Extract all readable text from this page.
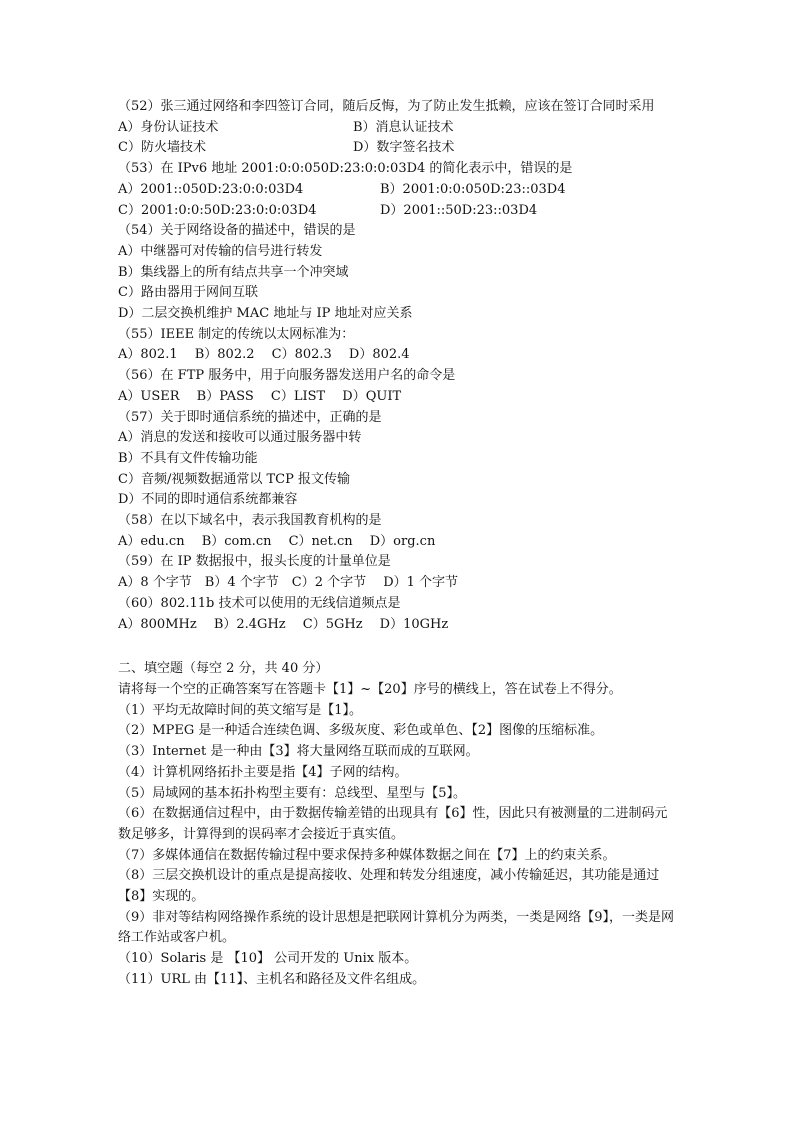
（52）张三通过网络和李四签订合同，随后反悔，为了防止发生抵赖，应该在签订合同时采用
A）身份认证技术	B）消息认证技术
C）防火墙技术	D）数字签名技术
（53）在 IPv6 地址 2001:0:0:050D:23:0:0:03D4 的简化表示中，错误的是
A）2001::050D:23:0:0:03D4	B）2001:0:0:050D:23::03D4
C）2001:0:0:50D:23:0:0:03D4	D）2001::50D:23::03D4
（54）关于网络设备的描述中，错误的是
A）中继器可对传输的信号进行转发
B）集线器上的所有结点共享一个冲突域
C）路由器用于网间互联
D）二层交换机维护 MAC 地址与 IP 地址对应关系
（55）IEEE 制定的传统以太网标准为：
A）802.1　 B）802.2　 C）802.3　 D）802.4
（56）在 FTP 服务中，用于向服务器发送用户名的命令是
A）USER　 B）PASS　 C）LIST　 D）QUIT
（57）关于即时通信系统的描述中，正确的是
A）消息的发送和接收可以通过服务器中转
B）不具有文件传输功能
C）音频/视频数据通常以 TCP 报文传输
D）不同的即时通信系统都兼容
（58）在以下域名中，表示我国教育机构的是
A）edu.cn　 B）com.cn　 C）net.cn　 D）org.cn
（59）在 IP 数据报中，报头长度的计量单位是
A）8 个字节　B）4 个字节　C）2 个字节　 D）1 个字节
（60）802.11b 技术可以使用的无线信道频点是
A）800MHz　 B）2.4GHz　 C）5GHz　 D）10GHz
二、填空题（每空 2 分，共 40 分）
请将每一个空的正确答案写在答题卡【1】~【20】序号的横线上，答在试卷上不得分。
（1）平均无故障时间的英文缩写是【1】。
（2）MPEG 是一种适合连续色调、多级灰度、彩色或单色、【2】图像的压缩标准。
（3）Internet 是一种由【3】将大量网络互联而成的互联网。
（4）计算机网络拓扑主要是指【4】子网的结构。
（5）局域网的基本拓扑构型主要有：总线型、星型与【5】。
（6）在数据通信过程中，由于数据传输差错的出现具有【6】性，因此只有被测量的二进制码元数足够多，计算得到的误码率才会接近于真实值。
（7）多媒体通信在数据传输过程中要求保持多种媒体数据之间在【7】上的约束关系。
（8）三层交换机设计的重点是提高接收、处理和转发分组速度，减小传输延迟，其功能是通过【8】实现的。
（9）非对等结构网络操作系统的设计思想是把联网计算机分为两类，一类是网络【9】，一类是网络工作站或客户机。
（10）Solaris 是 【10】 公司开发的 Unix 版本。
（11）URL 由【11】、主机名和路径及文件名组成。
